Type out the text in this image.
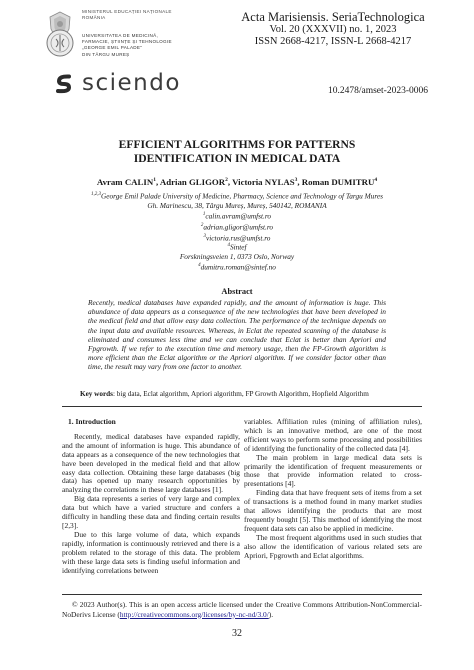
MINISTERUL EDUCAȚIEI NAȚIONALE
ROMÂNIA
UNIVERSITATEA DE MEDICINĂ,
FARMACIE, ȘTIINȚE ȘI TEHNOLOGIE
„GEORGE EMIL PALADE"
DIN TÂRGU MUREȘ
sciendo
Acta Marisiensis. SeriaTechnologica
Vol. 20 (XXXVII) no. 1, 2023
ISSN 2668-4217, ISSN-L 2668-4217
10.2478/amset-2023-0006
EFFICIENT ALGORITHMS FOR PATTERNS
IDENTIFICATION IN MEDICAL DATA
Avram CALIN$^1$, Adrian GLIGOR$^2$, Victoria NYLAS$^3$, Roman DUMITRU$^4$
$^{1,2,3}$George Emil Palade University of Medicine, Pharmacy, Science and Technology of Targu Mures
Gh. Marinescu, 38, Târgu Mureș, Mureș, 540142, ROMANIA
$^1$calin.avram@umfst.ro
$^2$adrian.gligor@umfst.ro
$^3$victoria.rus@umfst.ro
$^4$Sintef
Forskningsveien 1, 0373 Oslo, Norway
$^4$dumitru.roman@sintef.no
Abstract
Recently, medical databases have expanded rapidly, and the amount of information is huge. This abundance of data appears as a consequence of the new technologies that have been developed in the medical field and that allow easy data collection. The performance of the technique depends on the input data and available resources. Whereas, in Eclat the repeated scanning of the database is eliminated and consumes less time and we can conclude that Eclat is better than Apriori and Fpgrowth. If we refer to the execution time and memory usage, then the FP-Growth algorithm is more efficient than the Eclat algorithm or the Apriori algorithm. If we consider factor other than time, the result may vary from one factor to another.
Key words: big data, Eclat algorithm, Apriori algorithm, FP Growth Algorithm, Hopfield Algorithm
1. Introduction

Recently, medical databases have expanded rapidly, and the amount of information is huge. This abundance of data appears as a consequence of the new technologies that have been developed in the medical field and that allow easy data collection. Obtaining these large databases (big data) has opened up many research opportunities by analyzing the correlations in these large databases [1].

Big data represents a series of very large and complex data but which have a varied structure and confers a difficulty in handling these data and finding certain results [2,3].

Due to this large volume of data, which expands rapidly, information is continuously retrieved and there is a problem related to the storage of this data. The problem with these large data sets is finding useful information and identifying correlations between

variables. Affiliation rules (mining of affiliation rules), which is an innovative method, are one of the most efficient ways to perform some processing and possibilities of identifying the functionality of the collected data [4].

The main problem in large medical data sets is primarily the identification of frequent measurements or those that provide information related to cross-presentations [4].

Finding data that have frequent sets of items from a set of transactions is a method found in many market studies that allows identifying the products that are most frequently bought [5]. This method of identifying the most frequent data sets can also be applied in medicine.

The most frequent algorithms used in such studies that also allow the identification of various related sets are Apriori, Fpgrowth and Eclat algorithms.

© 2023 Author(s). This is an open access article licensed under the Creative Commons Attribution-NonCommercial-NoDerivs License (http://creativecommons.org/licenses/by-nc-nd/3.0/).
32
